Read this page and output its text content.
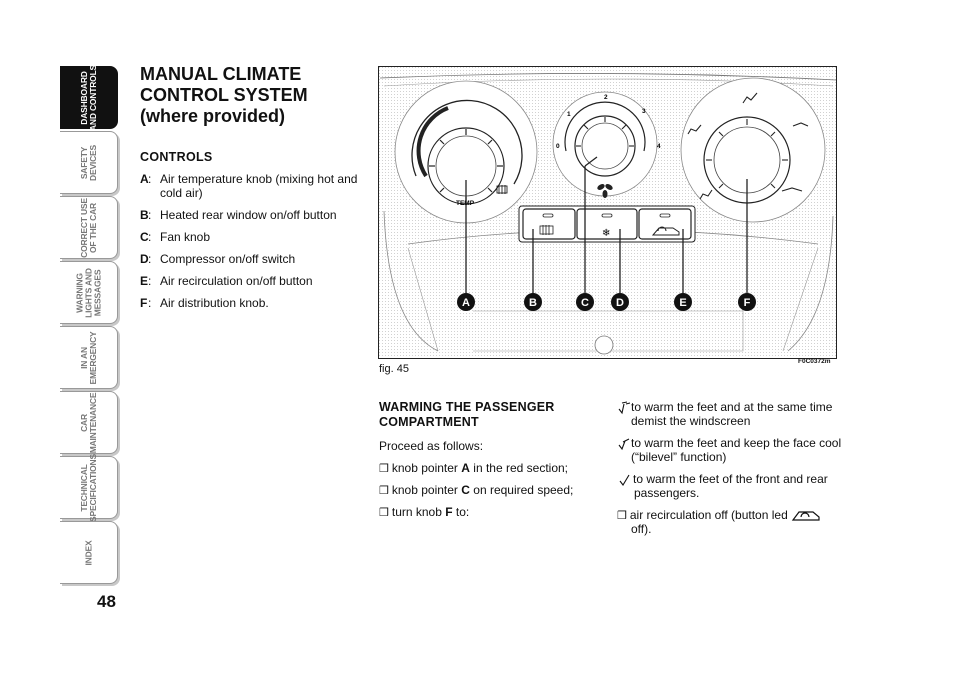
DASHBOARD
AND CONTROLS
SAFETY
DEVICES
CORRECT USE
OF THE CAR
WARNING
LIGHTS AND
MESSAGES
IN AN
EMERGENCY
CAR
MAINTENANCE
TECHNICAL
SPECIFICATIONS
INDEX
48
MANUAL CLIMATE
CONTROL SYSTEM
(where provided)
CONTROLS
A : Air temperature knob (mixing hot and cold air)
B : Heated rear window on/off button
C : Fan knob
D : Compressor on/off switch
E : Air recirculation on/off button
F : Air distribution knob.
TEMP
0
1
2
3
4
❄
A	B	C D	E	F
F0C0372m
fig. 45
WARMING THE PASSENGER COMPARTMENT
Proceed as follows:
❒ knob pointer A in the red section;
❒ knob pointer C on required speed;
❒ turn knob F to:
to warm the feet and at the same time
demist the windscreen
to warm the feet and keep the face cool
(“bilevel” function)
to warm the feet of the front and rear
passengers.
❒ air recirculation off (button led
off).
